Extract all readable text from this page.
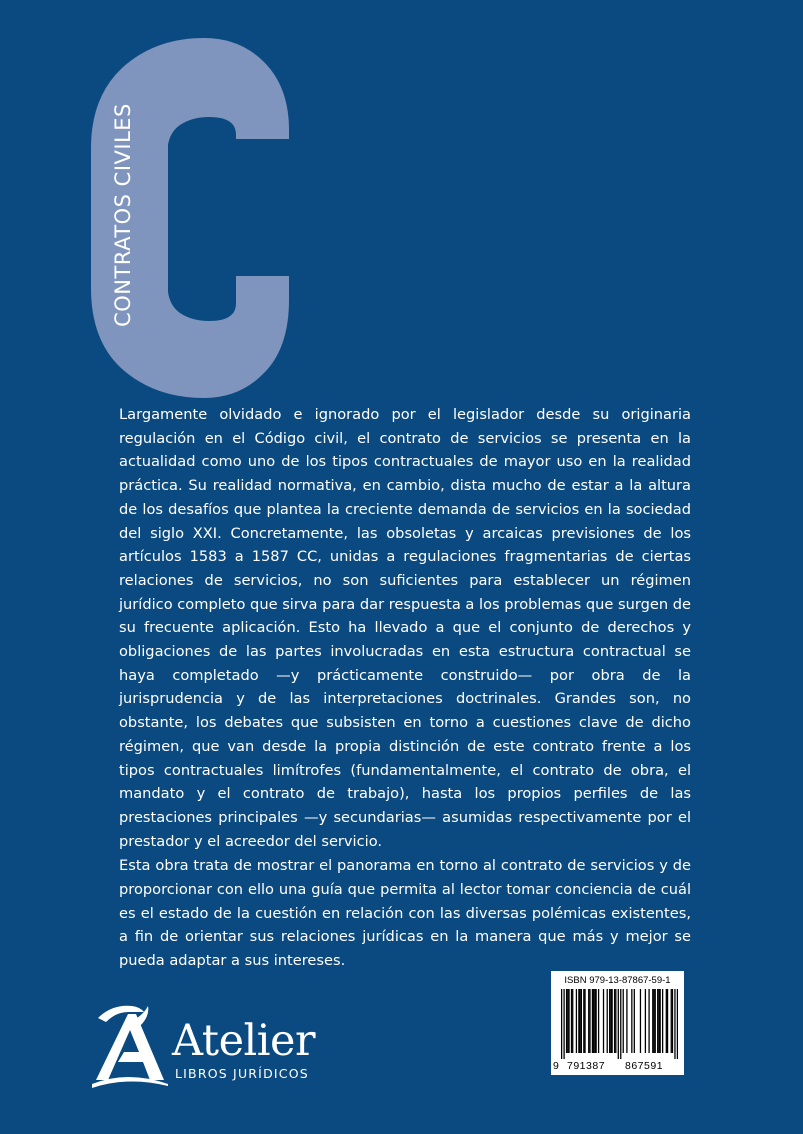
CONTRATOS CIVILES

Largamente olvidado e ignorado por el legislador desde su originaria regulación en el Código civil, el contrato de servicios se presenta en la actualidad como uno de los tipos contractuales de mayor uso en la realidad práctica. Su realidad normativa, en cambio, dista mucho de estar a la altura de los desafíos que plantea la creciente demanda de servicios en la sociedad del siglo XXI. Concretamente, las obsoletas y arcaicas previsiones de los artículos 1583 a 1587 CC, unidas a regulaciones fragmentarias de ciertas relaciones de servicios, no son suficientes para establecer un régimen jurídico completo que sirva para dar respuesta a los problemas que surgen de su frecuente aplicación. Esto ha llevado a que el conjunto de derechos y obligaciones de las partes involucradas en esta estructura contractual se haya completado —y prácticamente construido— por obra de la jurisprudencia y de las interpretaciones doctrinales. Grandes son, no obstante, los debates que subsisten en torno a cuestiones clave de dicho régimen, que van desde la propia distinción de este contrato frente a los tipos contractuales limítrofes (fundamentalmente, el contrato de obra, el mandato y el contrato de trabajo), hasta los propios perfiles de las prestaciones principales —y secundarias— asumidas respectivamente por el prestador y el acreedor del servicio.

Esta obra trata de mostrar el panorama en torno al contrato de servicios y de proporcionar con ello una guía que permita al lector tomar conciencia de cuál es el estado de la cuestión en relación con las diversas polémicas existentes, a fin de orientar sus relaciones jurídicas en la manera que más y mejor se pueda adaptar a sus intereses.

Atelier
LIBROS JURÍDICOS
ISBN 979-13-87867-59-1
9 791387 867591
